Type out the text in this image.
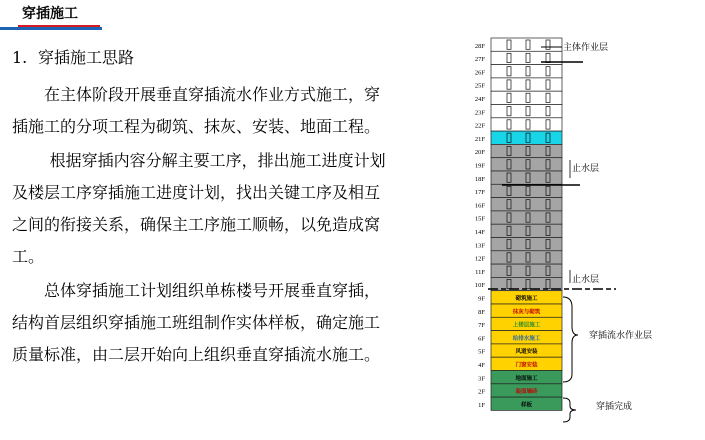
穿插施工
1. 穿插施工思路

在主体阶段开展垂直穿插流水作业方式施工，穿插施工的分项工程为砌筑、抹灰、安装、地面工程。

根据穿插内容分解主要工序，排出施工进度计划及楼层工序穿插施工进度计划，找出关键工序及相互之间的衔接关系，确保主工序施工顺畅，以免造成窝工。

总体穿插施工计划组织单栋楼号开展垂直穿插，结构首层组织穿插施工班组制作实体样板，确定施工质量标准，由二层开始向上组织垂直穿插流水施工。

28F
27F
26F
25F
24F
23F
22F
21F
20F
19F
18F
17F
16F
15F
14F
13F
12F
11F
10F
9F
8F
7F
6F
5F
4F
3F
2F
1F
砌筑施工
抹灰与砌筑
上楼层施工
给排水施工
风道安装
门窗安装
地面施工
装面墙砖
样板
主体作业层
止水层
止水层
穿插流水作业层
穿插完成
